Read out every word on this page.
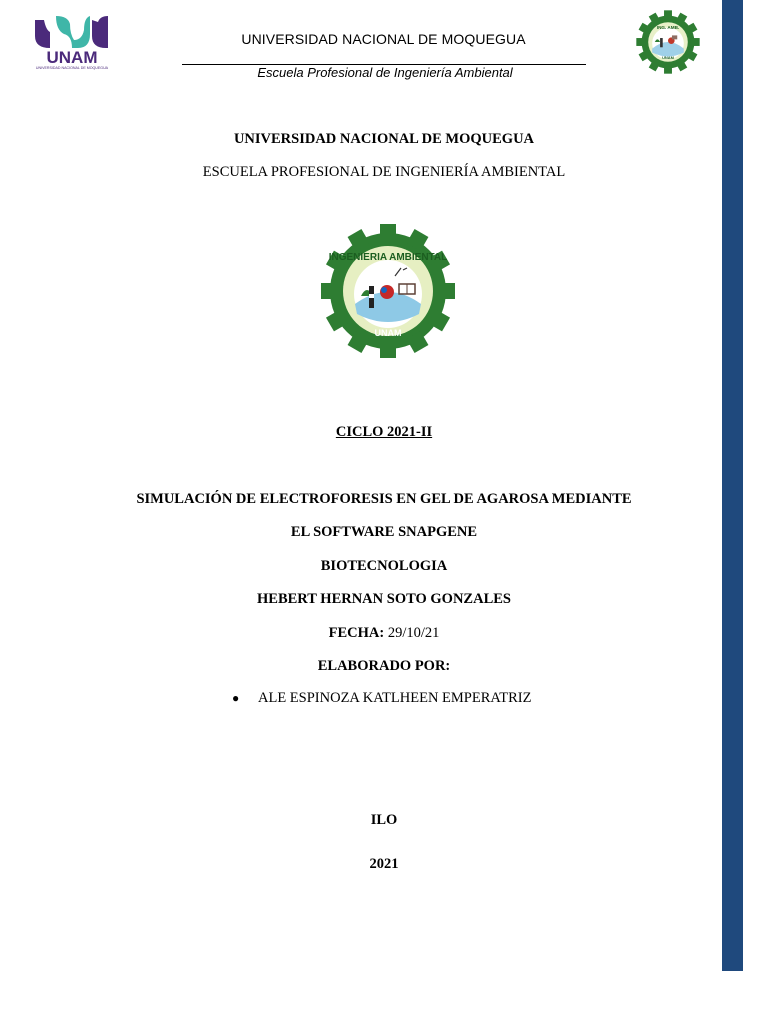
UNAM
UNIVERSIDAD NACIONAL DE MOQUEGUA
UNIVERSIDAD NACIONAL DE MOQUEGUA
Escuela Profesional de Ingeniería Ambiental
ING. AMB.
UNAM
UNIVERSIDAD NACIONAL DE MOQUEGUA
ESCUELA PROFESIONAL DE INGENIERÍA AMBIENTAL
INGENIERIA AMBIENTAL
UNAM
CICLO 2021-II
SIMULACIÓN DE ELECTROFORESIS EN GEL DE AGAROSA MEDIANTE
EL SOFTWARE SNAPGENE
BIOTECNOLOGIA
HEBERT HERNAN SOTO GONZALES
FECHA: 29/10/21
ELABORADO POR:
● ALE ESPINOZA KATLHEEN EMPERATRIZ
ILO
2021
